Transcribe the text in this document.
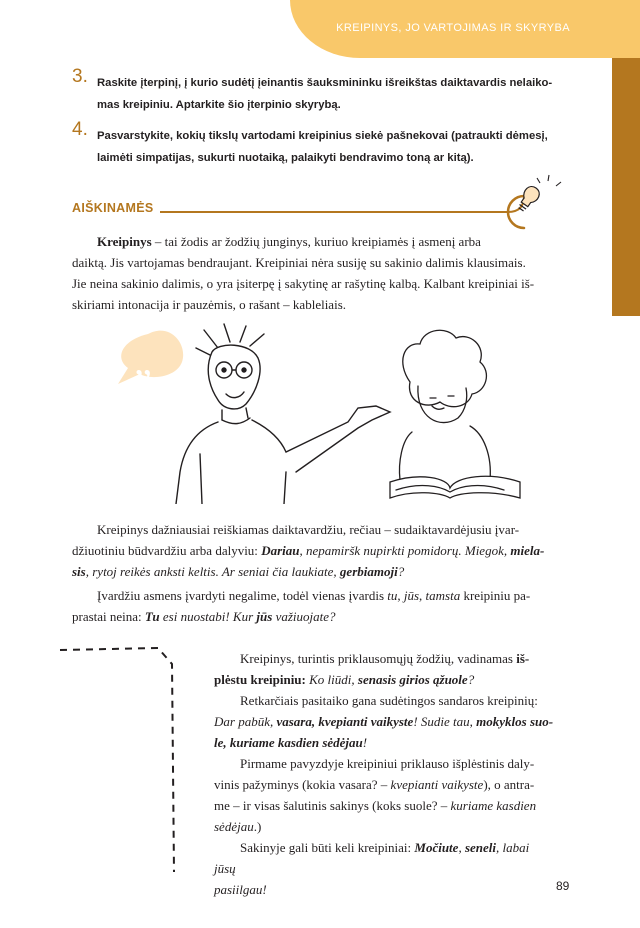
KREIPINYS, JO VARTOJIMAS IR SKYRYBA
3. Raskite įterpinį, į kurio sudėtį įeinantis šauksmininku išreikštas daiktavardis nelaiko-
mas kreipiniu. Aptarkite šio įterpinio skyrybą.
4. Pasvarstykite, kokių tikslų vartodami kreipinius siekė pašnekovai (patraukti dėmesį,
laimėti simpatijas, sukurti nuotaiką, palaikyti bendravimo toną ar kitą).
AIŠKINAMĖS
Kreipinys – tai žodis ar žodžių junginys, kuriuo kreipiamės į asmenį arba
daiktą. Jis vartojamas bendraujant. Kreipiniai nėra susiję su sakinio dalimis klausimais.
Jie neina sakinio dalimis, o yra įsiterpę į sakytinę ar rašytinę kalbą. Kalbant kreipiniai iš-
skiriami intonacija ir pauzėmis, o rašant – kableliais.
„
Kreipinys dažniausiai reiškiamas daiktavardžiu, rečiau – sudaiktavardėjusiu įvar-
džiuotiniu būdvardžiu arba dalyviu: Dariau, nepamiršk nupirkti pomidorų. Miegok, miela-
sis, rytoj reikės anksti keltis. Ar seniai čia laukiate, gerbiamoji?
Įvardžiu asmens įvardyti negalime, todėl vienas įvardis tu, jūs, tamsta kreipiniu pa-
prastai neina: Tu esi nuostabi! Kur jūs važiuojate?
Kreipinys, turintis priklausomųjų žodžių, vadinamas iš-
plėstu kreipiniu: Ko liūdi, senasis girios ąžuole?
Retkarčiais pasitaiko gana sudėtingos sandaros kreipinių:
Dar pabūk, vasara, kvepianti vaikyste! Sudie tau, mokyklos suo-
le, kuriame kasdien sėdėjau!
Pirmame pavyzdyje kreipiniui priklauso išplėstinis daly-
vinis pažyminys (kokia vasara? – kvepianti vaikyste), o antra-
me – ir visas šalutinis sakinys (koks suole? – kuriame kasdien
sėdėjau.)
Sakinyje gali būti keli kreipiniai: Močiute, seneli, labai jūsų
pasiilgau!	89
